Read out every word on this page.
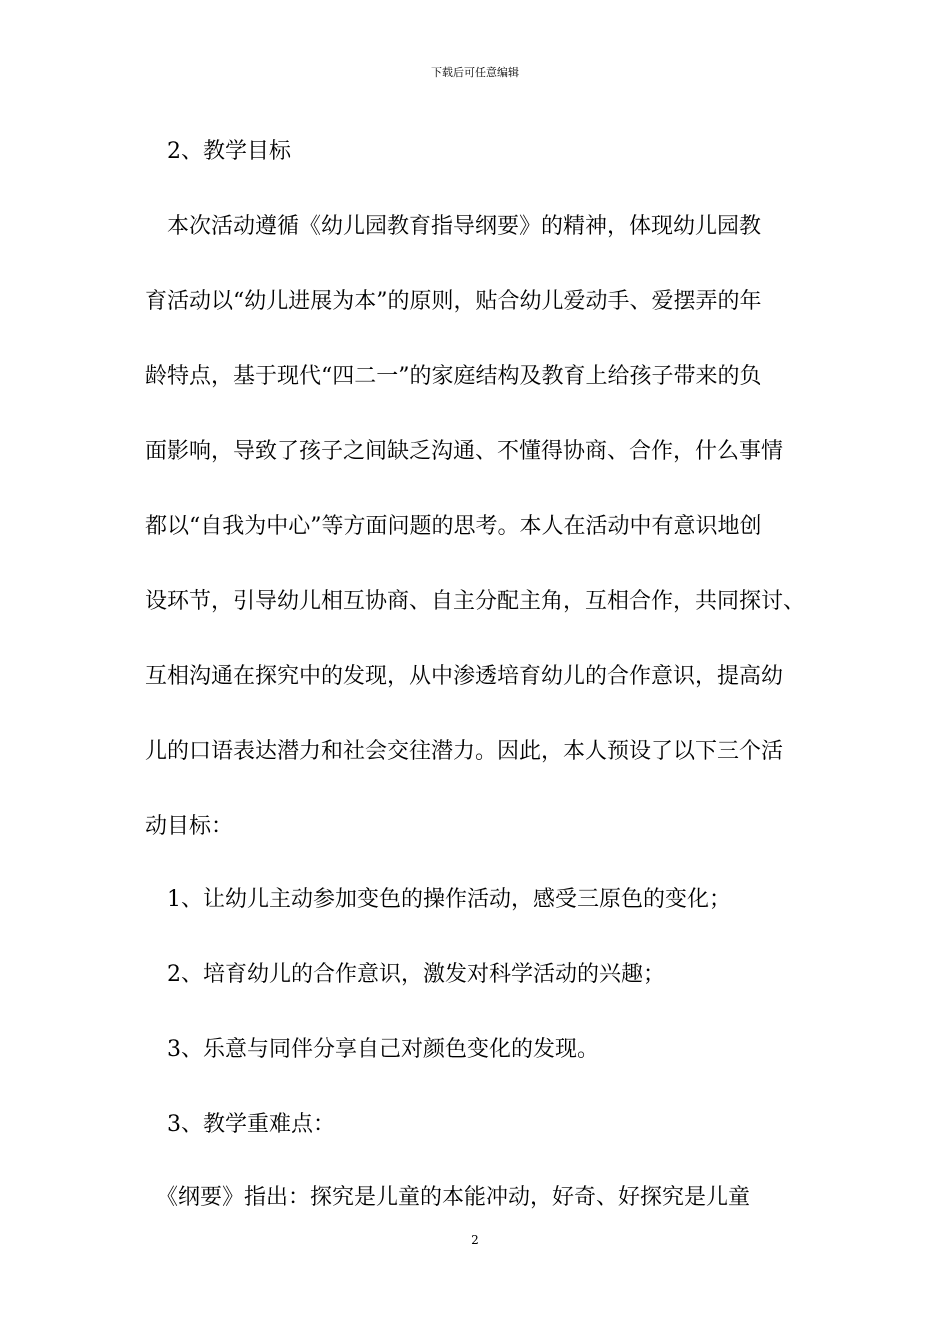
下载后可任意编辑
　2、教学目标
　本次活动遵循《幼儿园教育指导纲要》的精神，体现幼儿园教
育活动以“幼儿进展为本”的原则，贴合幼儿爱动手、爱摆弄的年
龄特点，基于现代“四二一”的家庭结构及教育上给孩子带来的负
面影响，导致了孩子之间缺乏沟通、不懂得协商、合作，什么事情
都以“自我为中心”等方面问题的思考。本人在活动中有意识地创
设环节，引导幼儿相互协商、自主分配主角，互相合作，共同探讨、
互相沟通在探究中的发现，从中渗透培育幼儿的合作意识，提高幼
儿的口语表达潜力和社会交往潜力。因此，本人预设了以下三个活
动目标：
　1、让幼儿主动参加变色的操作活动，感受三原色的变化；
　2、培育幼儿的合作意识，激发对科学活动的兴趣；
　3、乐意与同伴分享自己对颜色变化的发现。
　3、教学重难点：
　《纲要》指出：探究是儿童的本能冲动，好奇、好探究是儿童
2
